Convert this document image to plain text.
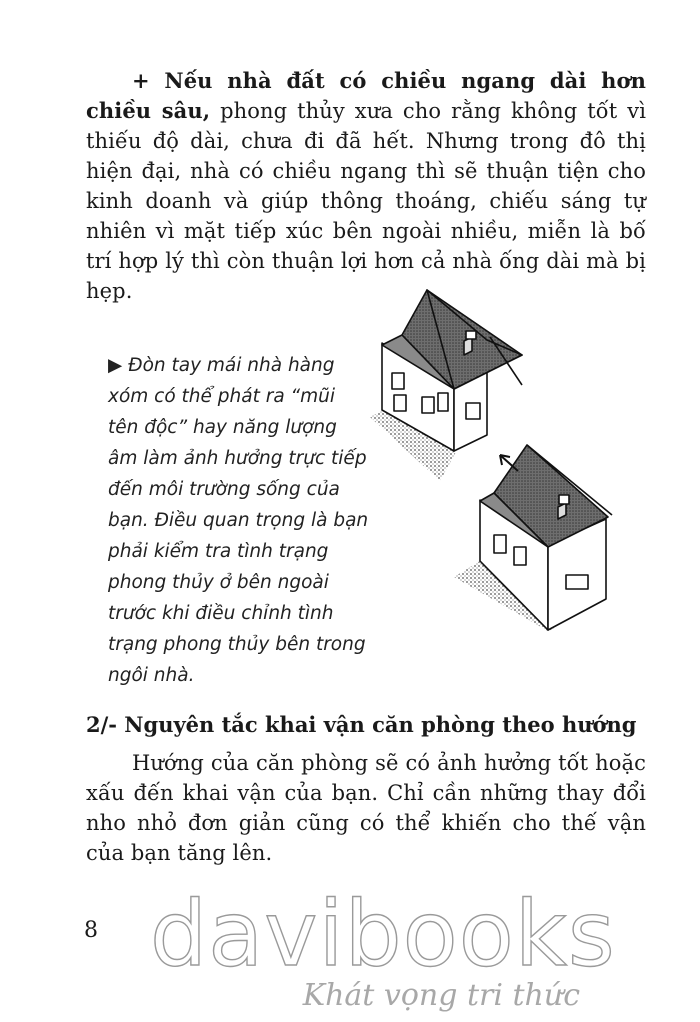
+ Nếu nhà đất có chiều ngang dài hơn chiều sâu, phong thủy xưa cho rằng không tốt vì thiếu độ dài, chưa đi đã hết. Nhưng trong đô thị hiện đại, nhà có chiều ngang thì sẽ thuận tiện cho kinh doanh và giúp thông thoáng, chiếu sáng tự nhiên vì mặt tiếp xúc bên ngoài nhiều, miễn là bố trí hợp lý thì còn thuận lợi hơn cả nhà ống dài mà bị hẹp.
▶ Đòn tay mái nhà hàng xóm có thể phát ra “mũi tên độc” hay năng lượng âm làm ảnh hưởng trực tiếp đến môi trường sống của bạn. Điều quan trọng là bạn phải kiểm tra tình trạng phong thủy ở bên ngoài trước khi điều chỉnh tình trạng phong thủy bên trong ngôi nhà.
2/- Nguyên tắc khai vận căn phòng theo hướng
Hướng của căn phòng sẽ có ảnh hưởng tốt hoặc xấu đến khai vận của bạn. Chỉ cần những thay đổi nho nhỏ đơn giản cũng có thể khiến cho thế vận của bạn tăng lên.
8 davibooks
Khát vọng tri thức
